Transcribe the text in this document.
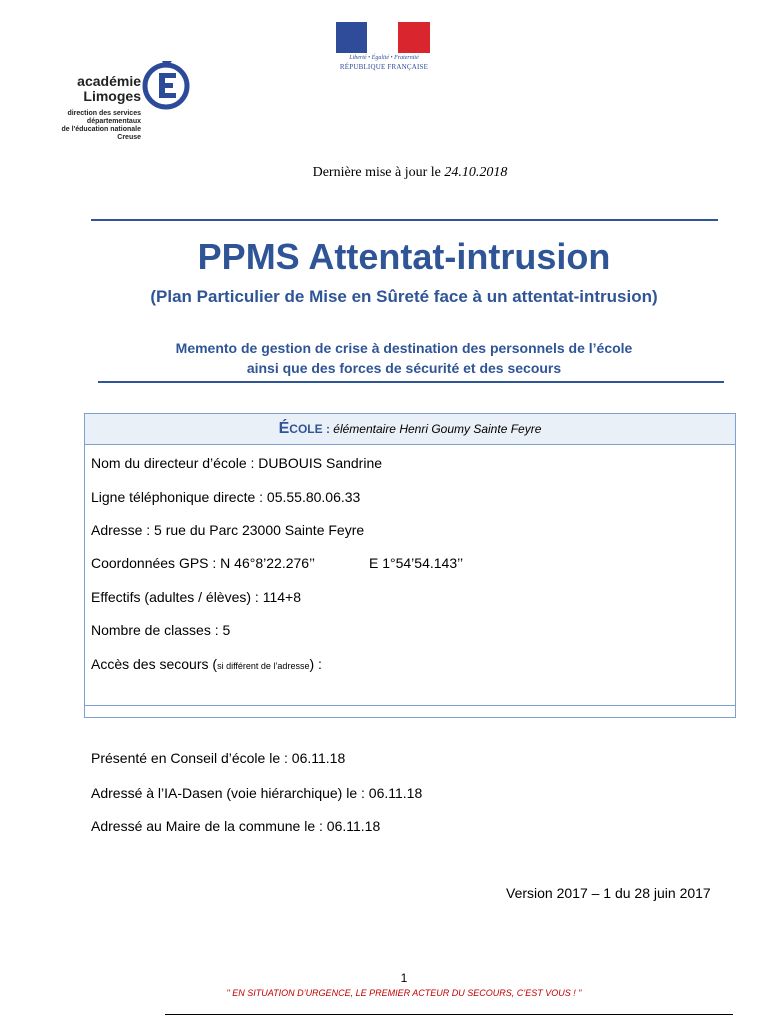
Liberté • Égalité • Fraternité
RÉPUBLIQUE FRANÇAISE
académie
Limoges
direction des services
départementaux
de l'éducation nationale
Creuse
Dernière mise à jour le 24.10.2018
PPMS Attentat-intrusion
(Plan Particulier de Mise en Sûreté face à un attentat-intrusion)
Memento de gestion de crise à destination des personnels de l’école
ainsi que des forces de sécurité et des secours
ÉCOLE : élémentaire Henri Goumy Sainte Feyre
Nom du directeur d’école : DUBOUIS Sandrine
Ligne téléphonique directe : 05.55.80.06.33
Adresse : 5 rue du Parc 23000 Sainte Feyre
Coordonnées GPS : N 46°8’22.276’’	E 1°54’54.143’’
Effectifs (adultes / élèves) : 114+8
Nombre de classes : 5
Accès des secours (si différent de l’adresse) :
Présenté en Conseil d’école le : 06.11.18
Adressé à l’IA-Dasen (voie hiérarchique) le : 06.11.18
Adressé au Maire de la commune le : 06.11.18
Version 2017 – 1 du 28 juin 2017
1
" EN SITUATION D’URGENCE, LE PREMIER ACTEUR DU SECOURS, C’EST VOUS ! "
